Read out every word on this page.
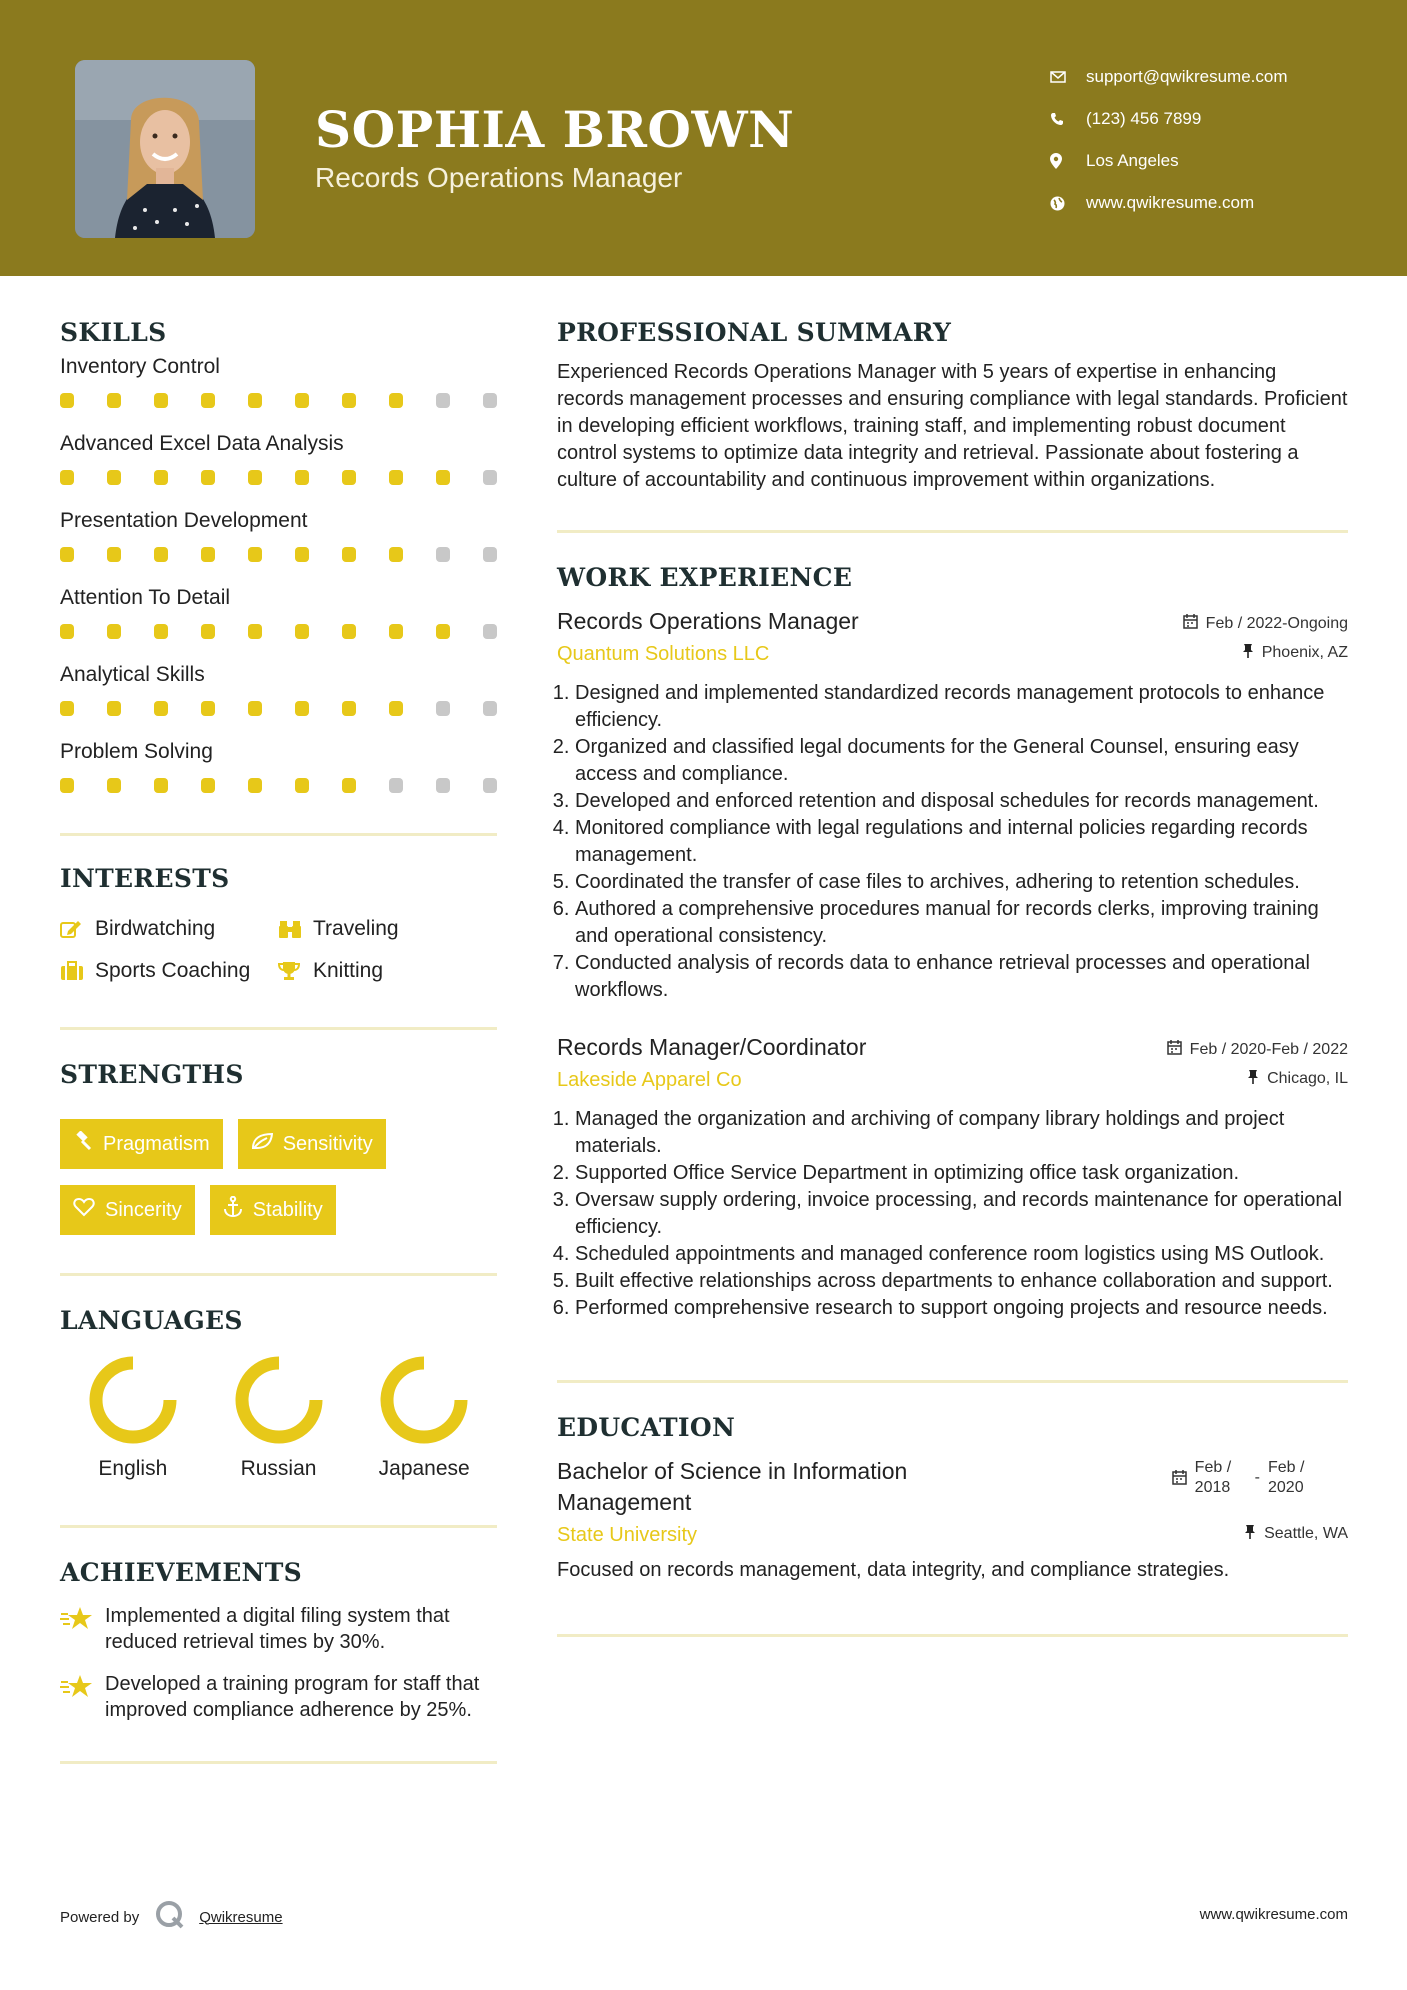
SOPHIA BROWN
Records Operations Manager
support@qwikresume.com
(123) 456 7899
Los Angeles
www.qwikresume.com
SKILLS
Inventory Control
Advanced Excel Data Analysis
Presentation Development
Attention To Detail
Analytical Skills
Problem Solving
INTERESTS
Birdwatching	Traveling
Sports Coaching	Knitting
STRENGTHS
Pragmatism	Sensitivity
Sincerity	Stability
LANGUAGES
English	Russian	Japanese
ACHIEVEMENTS
Implemented a digital filing system that reduced retrieval times by 30%.
Developed a training program for staff that improved compliance adherence by 25%.
PROFESSIONAL SUMMARY

Experienced Records Operations Manager with 5 years of expertise in enhancing records management processes and ensuring compliance with legal standards. Proficient in developing efficient workflows, training staff, and implementing robust document control systems to optimize data integrity and retrieval. Passionate about fostering a culture of accountability and continuous improvement within organizations.

WORK EXPERIENCE
Records Operations Manager	Feb / 2022-Ongoing
Quantum Solutions LLC	Phoenix, AZ
1. Designed and implemented standardized records management protocols to enhance efficiency.
2. Organized and classified legal documents for the General Counsel, ensuring easy access and compliance.
3. Developed and enforced retention and disposal schedules for records management.
4. Monitored compliance with legal regulations and internal policies regarding records management.
5. Coordinated the transfer of case files to archives, adhering to retention schedules.
6. Authored a comprehensive procedures manual for records clerks, improving training and operational consistency.
7. Conducted analysis of records data to enhance retrieval processes and operational workflows.
Records Manager/Coordinator	Feb / 2020-Feb / 2022
Lakeside Apparel Co	Chicago, IL
1. Managed the organization and archiving of company library holdings and project materials.
2. Supported Office Service Department in optimizing office task organization.
3. Oversaw supply ordering, invoice processing, and records maintenance for operational efficiency.
4. Scheduled appointments and managed conference room logistics using MS Outlook.
5. Built effective relationships across departments to enhance collaboration and support.
6. Performed comprehensive research to support ongoing projects and resource needs.
EDUCATION
Bachelor of Science in Information Management
Feb / 2018
-
Feb / 2020
State University	Seattle, WA

Focused on records management, data integrity, and compliance strategies.

Powered by	Qwikresume	www.qwikresume.com
